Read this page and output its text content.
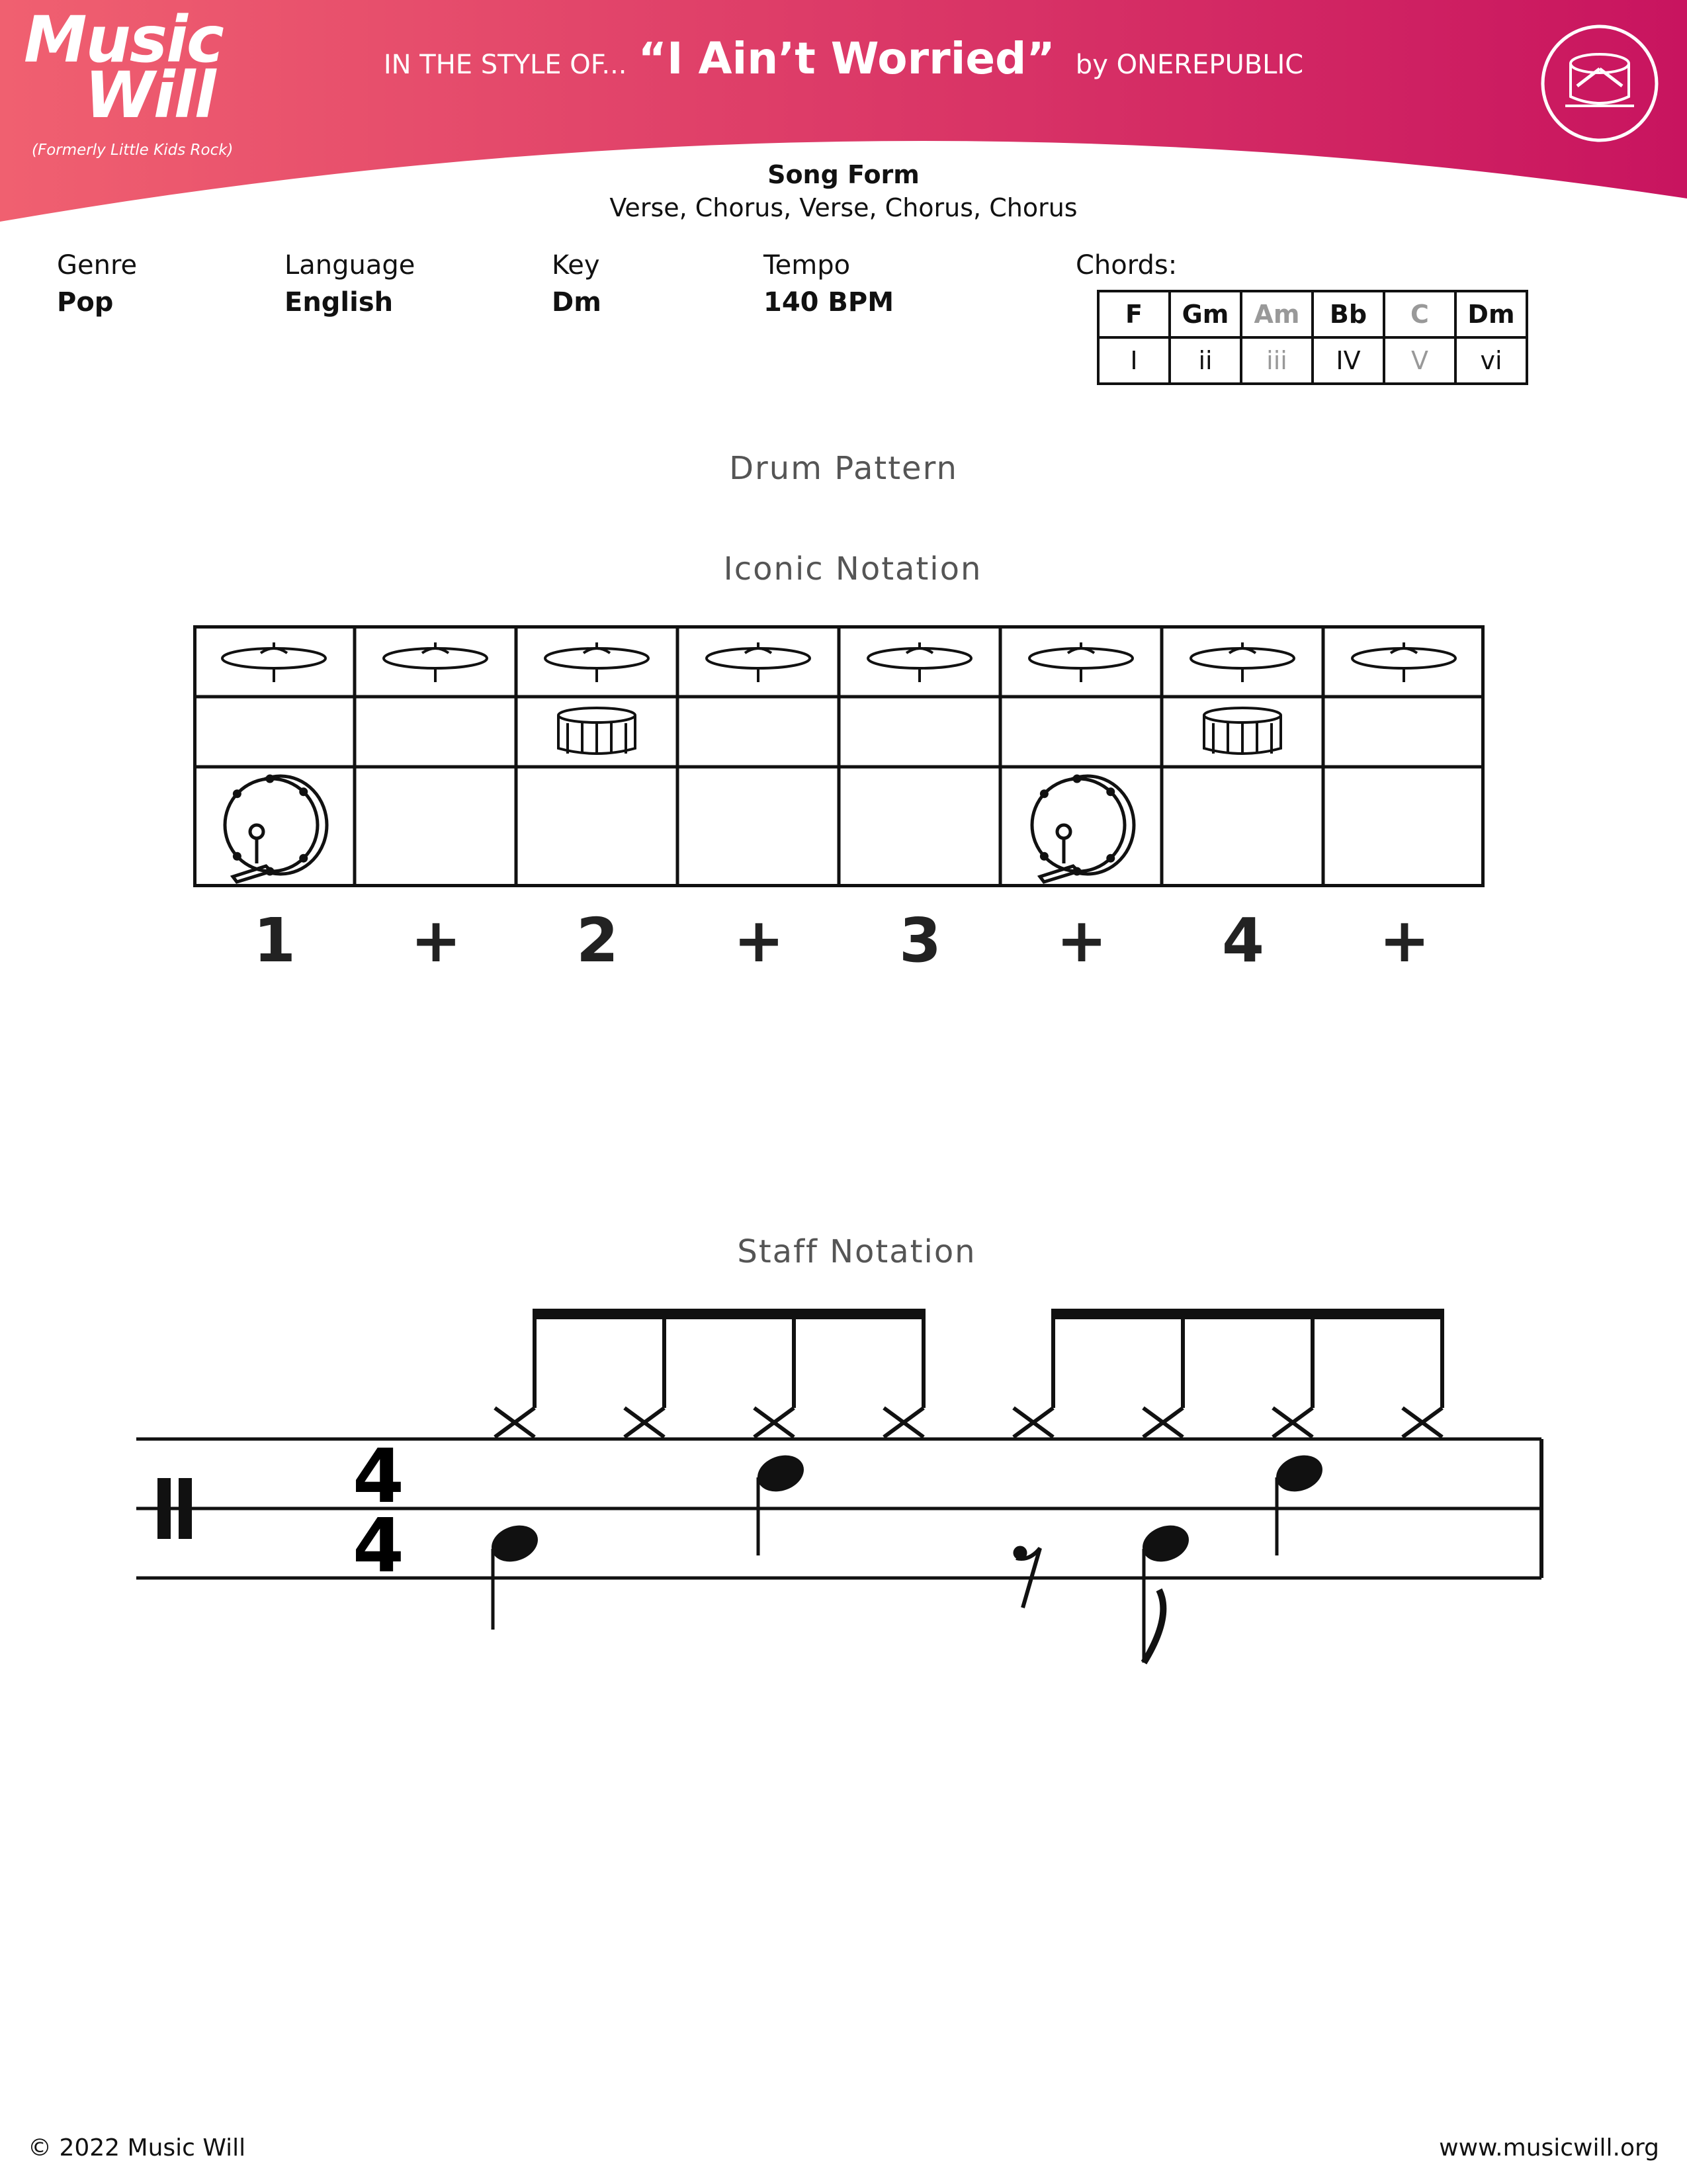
Music
Will
(Formerly Little Kids Rock)
IN THE STYLE OF... “I Ain’t Worried” by ONEREPUBLIC
Song Form
Verse, Chorus, Verse, Chorus, Chorus
Genre
Pop
Language
English
Key
Dm
Tempo
140 BPM
Chords:
F	Gm	Am	Bb	C	Dm
I	ii	iii	IV	V	vi
Drum Pattern
Iconic Notation
Staff Notation
1	+	2	+	3	+	4	+
4
4
© 2022 Music Will	www.musicwill.org
